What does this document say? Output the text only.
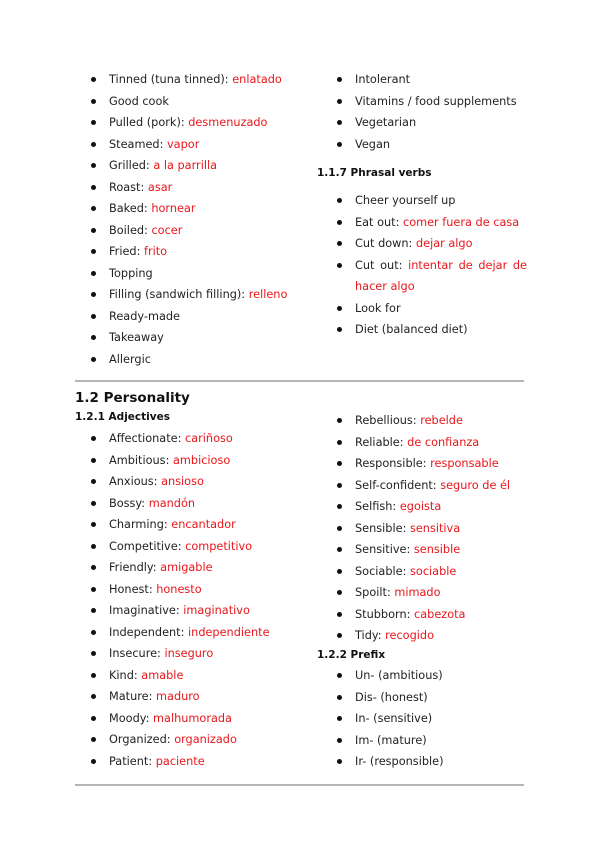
Tinned (tuna tinned): enlatado
Good cook
Pulled (pork): desmenuzado
Steamed: vapor
Grilled: a la parrilla
Roast: asar
Baked: hornear
Boiled: cocer
Fried: frito
Topping
Filling (sandwich filling): relleno
Ready-made
Takeaway
Allergic
Intolerant
Vitamins / food supplements
Vegetarian
Vegan
1.1.7 Phrasal verbs
Cheer yourself up
Eat out: comer fuera de casa
Cut down: dejar algo
Cut out: intentar de dejar de hacer algo
Look for
Diet (balanced diet)
1.2 Personality
1.2.1 Adjectives
Affectionate: cariñoso
Ambitious: ambicioso
Anxious: ansioso
Bossy: mandón
Charming: encantador
Competitive: competitivo
Friendly: amigable
Honest: honesto
Imaginative: imaginativo
Independent: independiente
Insecure: inseguro
Kind: amable
Mature: maduro
Moody: malhumorada
Organized: organizado
Patient: paciente
Rebellious: rebelde
Reliable: de confianza
Responsible: responsable
Self-confident: seguro de él
Selfish: egoista
Sensible: sensitiva
Sensitive: sensible
Sociable: sociable
Spoilt: mimado
Stubborn: cabezota
Tidy: recogido
1.2.2 Prefix
Un- (ambitious)
Dis- (honest)
In- (sensitive)
Im- (mature)
Ir- (responsible)
